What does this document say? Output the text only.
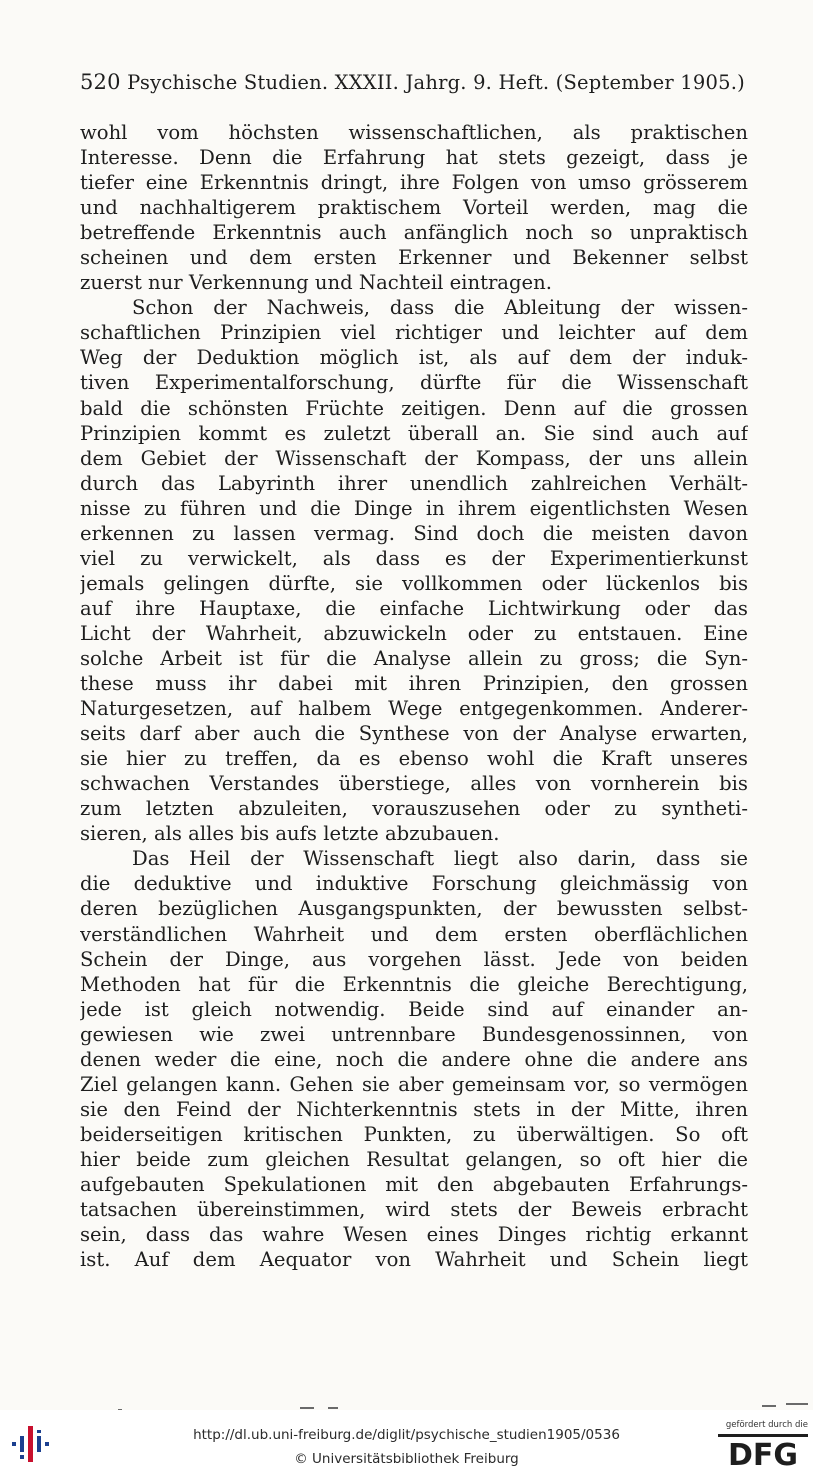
520 Psychische Studien. XXXII. Jahrg. 9. Heft. (September 1905.)
wohl vom höchsten wissenschaftlichen, als praktischen
Interesse. Denn die Erfahrung hat stets gezeigt, dass je
tiefer eine Erkenntnis dringt, ihre Folgen von umso grösserem
und nachhaltigerem praktischem Vorteil werden, mag die
betreffende Erkenntnis auch anfänglich noch so unpraktisch
scheinen und dem ersten Erkenner und Bekenner selbst
zuerst nur Verkennung und Nachteil eintragen.
Schon der Nachweis, dass die Ableitung der wissen-
schaftlichen Prinzipien viel richtiger und leichter auf dem
Weg der Deduktion möglich ist, als auf dem der induk-
tiven Experimentalforschung, dürfte für die Wissenschaft
bald die schönsten Früchte zeitigen. Denn auf die grossen
Prinzipien kommt es zuletzt überall an. Sie sind auch auf
dem Gebiet der Wissenschaft der Kompass, der uns allein
durch das Labyrinth ihrer unendlich zahlreichen Verhält-
nisse zu führen und die Dinge in ihrem eigentlichsten Wesen
erkennen zu lassen vermag. Sind doch die meisten davon
viel zu verwickelt, als dass es der Experimentierkunst
jemals gelingen dürfte, sie vollkommen oder lückenlos bis
auf ihre Hauptaxe, die einfache Lichtwirkung oder das
Licht der Wahrheit, abzuwickeln oder zu entstauen. Eine
solche Arbeit ist für die Analyse allein zu gross; die Syn-
these muss ihr dabei mit ihren Prinzipien, den grossen
Naturgesetzen, auf halbem Wege entgegenkommen. Anderer-
seits darf aber auch die Synthese von der Analyse erwarten,
sie hier zu treffen, da es ebenso wohl die Kraft unseres
schwachen Verstandes überstiege, alles von vornherein bis
zum letzten abzuleiten, vorauszusehen oder zu syntheti-
sieren, als alles bis aufs letzte abzubauen.
Das Heil der Wissenschaft liegt also darin, dass sie
die deduktive und induktive Forschung gleichmässig von
deren bezüglichen Ausgangspunkten, der bewussten selbst-
verständlichen Wahrheit und dem ersten oberflächlichen
Schein der Dinge, aus vorgehen lässt. Jede von beiden
Methoden hat für die Erkenntnis die gleiche Berechtigung,
jede ist gleich notwendig. Beide sind auf einander an-
gewiesen wie zwei untrennbare Bundesgenossinnen, von
denen weder die eine, noch die andere ohne die andere ans
Ziel gelangen kann. Gehen sie aber gemeinsam vor, so vermögen
sie den Feind der Nichterkenntnis stets in der Mitte, ihren
beiderseitigen kritischen Punkten, zu überwältigen. So oft
hier beide zum gleichen Resultat gelangen, so oft hier die
aufgebauten Spekulationen mit den abgebauten Erfahrungs-
tatsachen übereinstimmen, wird stets der Beweis erbracht
sein, dass das wahre Wesen eines Dinges richtig erkannt
ist. Auf dem Aequator von Wahrheit und Schein liegt
http://dl.ub.uni-freiburg.de/diglit/psychische_studien1905/0536
© Universitätsbibliothek Freiburg
gefördert durch die
DFG
